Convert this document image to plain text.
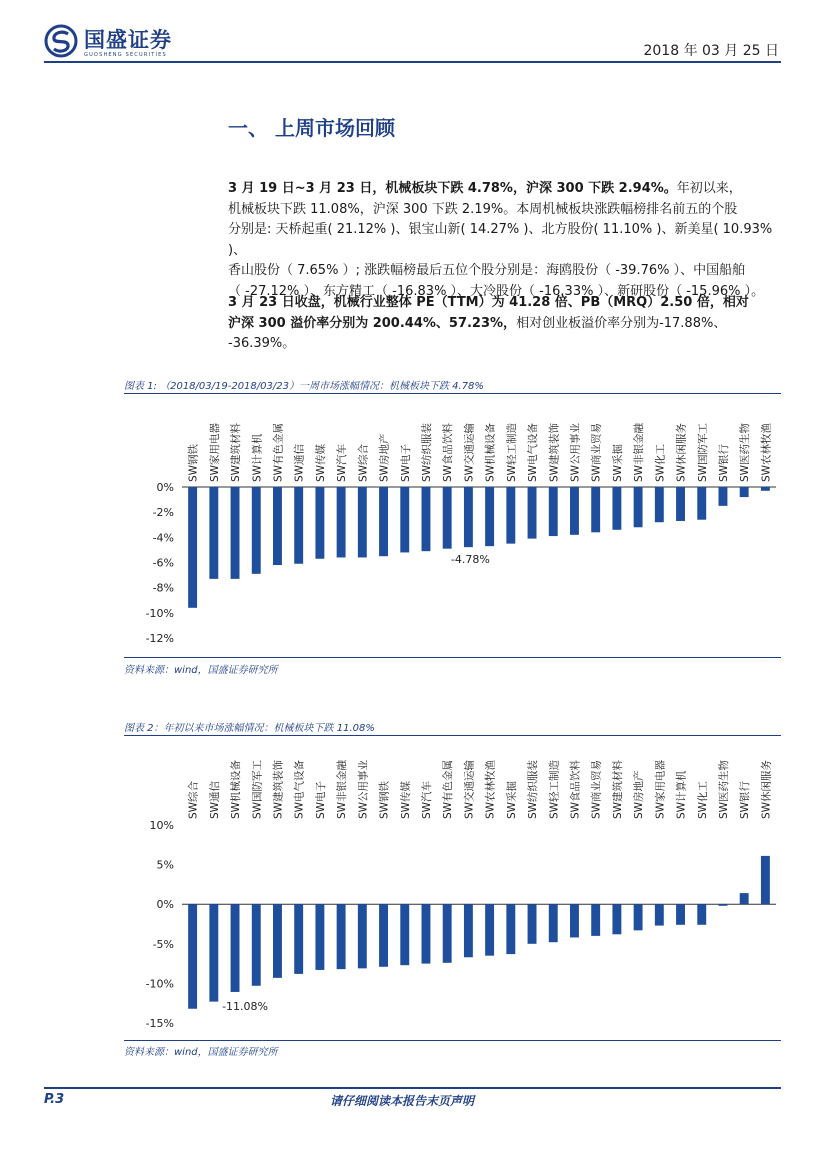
国盛证券
GUOSHENG SECURITIES	2018 年 03 月 25 日
一、 上周市场回顾
3 月 19 日~3 月 23 日，机械板块下跌 4.78%，沪深 300 下跌 2.94%。年初以来，
机械板块下跌 11.08%，沪深 300 下跌 2.19%。本周机械板块涨跌幅榜排名前五的个股
分别是: 天桥起重( 21.12% )、银宝山新( 14.27% )、北方股份( 11.10% )、新美星( 10.93% )、
香山股份（ 7.65% ）; 涨跌幅榜最后五位个股分别是：海鸥股份（ -39.76% ）、中国船舶
（ -27.12% ）、东方精工（ -16.83% ）、大冷股份（ -16.33% ）、新研股份（ -15.96% ）。
3 月 23 日收盘，机械行业整体 PE（TTM）为 41.28 倍、PB（MRQ）2.50 倍，相对
沪深 300 溢价率分别为 200.44%、57.23%，相对创业板溢价率分别为-17.88%、
-36.39%。
图表 1: （2018/03/19-2018/03/23）一周市场涨幅情况：机械板块下跌 4.78%
0%
-2%
-4%
-6%
-8%
-10%
-12%
SW钢铁 SW家用电器 SW建筑材料 SW计算机 SW有色金属 SW通信 SW传媒 SW汽车 SW综合 SW房地产 SW电子 SW纺织服装 SW食品饮料 SW交通运输 SW机械设备 SW轻工制造 SW电气设备 SW建筑装饰 SW公用事业 SW商业贸易 SW采掘 SW非银金融 SW化工 SW休闲服务 SW国防军工 SW银行 SW医药生物 SW农林牧渔
-4.78%
资料来源：wind，国盛证券研究所
图表 2：年初以来市场涨幅情况：机械板块下跌 11.08%
10%
5%
0%
-5%
-10%
-15%
SW综合 SW通信 SW机械设备 SW国防军工 SW建筑装饰 SW电气设备 SW电子 SW非银金融 SW公用事业 SW钢铁 SW传媒 SW汽车 SW有色金属 SW交通运输 SW农林牧渔 SW采掘 SW纺织服装 SW轻工制造 SW食品饮料 SW商业贸易 SW建筑材料 SW房地产 SW家用电器 SW计算机 SW化工 SW医药生物 SW银行 SW休闲服务
-11.08%
资料来源：wind，国盛证券研究所
P.3	请仔细阅读本报告末页声明
